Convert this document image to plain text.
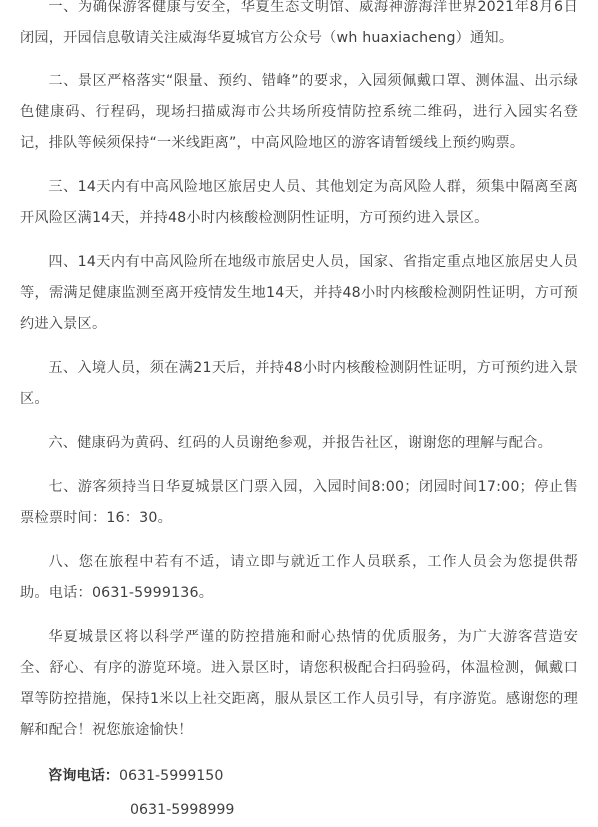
一、为确保游客健康与安全，华夏生态文明馆、威海神游海洋世界2021年8月6日闭园，开园信息敬请关注威海华夏城官方公众号（wh huaxiacheng）通知。

二、景区严格落实“限量、预约、错峰”的要求，入园须佩戴口罩、测体温、出示绿色健康码、行程码，现场扫描威海市公共场所疫情防控系统二维码，进行入园实名登记，排队等候须保持“一米线距离”，中高风险地区的游客请暂缓线上预约购票。

三、14天内有中高风险地区旅居史人员、其他划定为高风险人群，须集中隔离至离开风险区满14天，并持48小时内核酸检测阴性证明，方可预约进入景区。

四、14天内有中高风险所在地级市旅居史人员，国家、省指定重点地区旅居史人员等，需满足健康监测至离开疫情发生地14天，并持48小时内核酸检测阴性证明，方可预约进入景区。

五、入境人员，须在满21天后，并持48小时内核酸检测阴性证明，方可预约进入景区。

六、健康码为黄码、红码的人员谢绝参观，并报告社区，谢谢您的理解与配合。

七、游客须持当日华夏城景区门票入园，入园时间8:00；闭园时间17:00；停止售票检票时间：16：30。

八、您在旅程中若有不适，请立即与就近工作人员联系，工作人员会为您提供帮助。电话：0631-5999136。

华夏城景区将以科学严谨的防控措施和耐心热情的优质服务，为广大游客营造安全、舒心、有序的游览环境。进入景区时，请您积极配合扫码验码，体温检测，佩戴口罩等防控措施，保持1米以上社交距离，服从景区工作人员引导，有序游览。感谢您的理解和配合！祝您旅途愉快！

咨询电话：0631-5999150

0631-5998999
